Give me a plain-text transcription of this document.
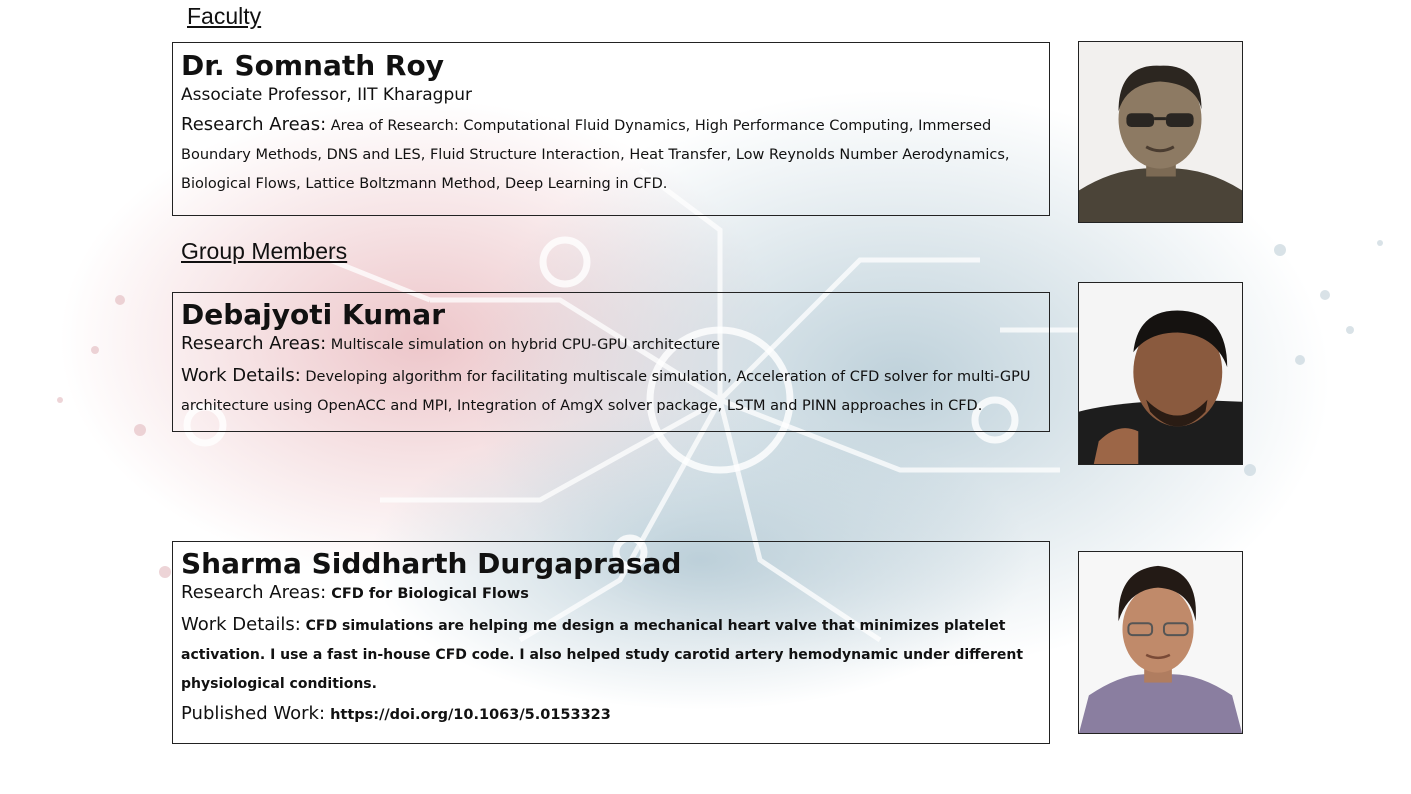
Faculty

Dr. Somnath Roy

Associate Professor, IIT Kharagpur

Research Areas: Area of Research: Computational Fluid Dynamics, High Performance Computing, Immersed Boundary Methods, DNS and LES, Fluid Structure Interaction, Heat Transfer, Low Reynolds Number Aerodynamics, Biological Flows, Lattice Boltzmann Method, Deep Learning in CFD.

Group Members

Debajyoti Kumar

Research Areas: Multiscale simulation on hybrid CPU-GPU architecture

Work Details: Developing algorithm for facilitating multiscale simulation, Acceleration of CFD solver for multi-GPU architecture using OpenACC and MPI, Integration of AmgX solver package, LSTM and PINN approaches in CFD.

Sharma Siddharth Durgaprasad

Research Areas: CFD for Biological Flows

Work Details: CFD simulations are helping me design a mechanical heart valve that minimizes platelet activation. I use a fast in-house CFD code. I also helped study carotid artery hemodynamic under different physiological conditions.

Published Work: https://doi.org/10.1063/5.0153323
